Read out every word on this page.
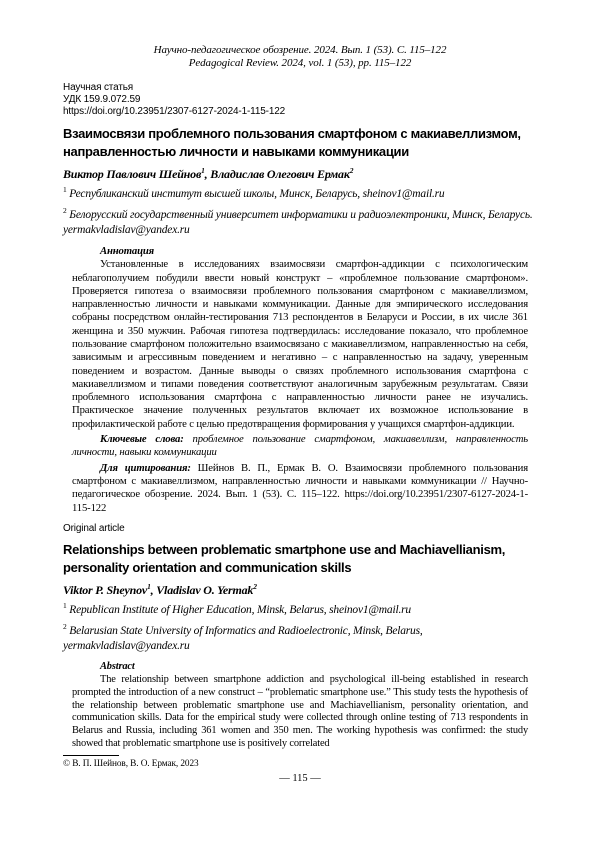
Научно-педагогическое обозрение. 2024. Вып. 1 (53). С. 115–122

Pedagogical Review. 2024, vol. 1 (53), pp. 115–122

Научная статья

УДК 159.9.072.59

https://doi.org/10.23951/2307-6127-2024-1-115-122

Взаимосвязи проблемного пользования смартфоном с макиавеллизмом, направленностью личности и навыками коммуникации

Виктор Павлович Шейнов$^1$, Владислав Олегович Ермак$^2$

$^1$ Республиканский институт высшей школы, Минск, Беларусь, sheinov1@mail.ru

$^2$ Белорусский государственный университет информатики и радиоэлектроники, Минск, Беларусь. yermakvladislav@yandex.ru

Аннотация

Установленные в исследованиях взаимосвязи смартфон-аддикции с психологическим неблагополучием побудили ввести новый конструкт – «проблемное пользование смартфоном». Проверяется гипотеза о взаимосвязи проблемного пользования смартфоном с макиавеллизмом, направленностью личности и навыками коммуникации. Данные для эмпирического исследования собраны посредством онлайн-тестирования 713 респондентов в Беларуси и России, в их числе 361 женщина и 350 мужчин. Рабочая гипотеза подтвердилась: исследование показало, что проблемное пользование смартфоном положительно взаимосвязано с макиавеллизмом, направленностью на себя, зависимым и агрессивным поведением и негативно – с направленностью на задачу, уверенным поведением и возрастом. Данные выводы о связях проблемного использования смартфона с макиавеллизмом и типами поведения соответствуют аналогичным зарубежным результатам. Связи проблемного использования смартфона с направленностью личности ранее не изучались. Практическое значение полученных результатов включает их возможное использование в профилактической работе с целью предотвращения формирования у учащихся смартфон-аддикции.

Ключевые слова: проблемное пользование смартфоном, макиавеллизм, направленность личности, навыки коммуникации

Для цитирования: Шейнов В. П., Ермак В. О. Взаимосвязи проблемного пользования смартфоном с макиавеллизмом, направленностью личности и навыками коммуникации // Научно-педагогическое обозрение. 2024. Вып. 1 (53). С. 115–122. https://doi.org/10.23951/2307-6127-2024-1-115-122

Original article

Relationships between problematic smartphone use and Machiavellianism, personality orientation and communication skills

Viktor P. Sheynov$^1$, Vladislav O. Yermak$^2$

$^1$ Republican Institute of Higher Education, Minsk, Belarus, sheinov1@mail.ru

$^2$ Belarusian State University of Informatics and Radioelectronic, Minsk, Belarus, yermakvladislav@yandex.ru

Abstract

The relationship between smartphone addiction and psychological ill-being established in research prompted the introduction of a new construct – “problematic smartphone use.” This study tests the hypothesis of the relationship between problematic smartphone use and Machiavellianism, personality orientation, and communication skills. Data for the empirical study were collected through online testing of 713 respondents in Belarus and Russia, including 361 women and 350 men. The working hypothesis was confirmed: the study showed that problematic smartphone use is positively correlated

© В. П. Шейнов, В. О. Ермак, 2023

— 115 —
